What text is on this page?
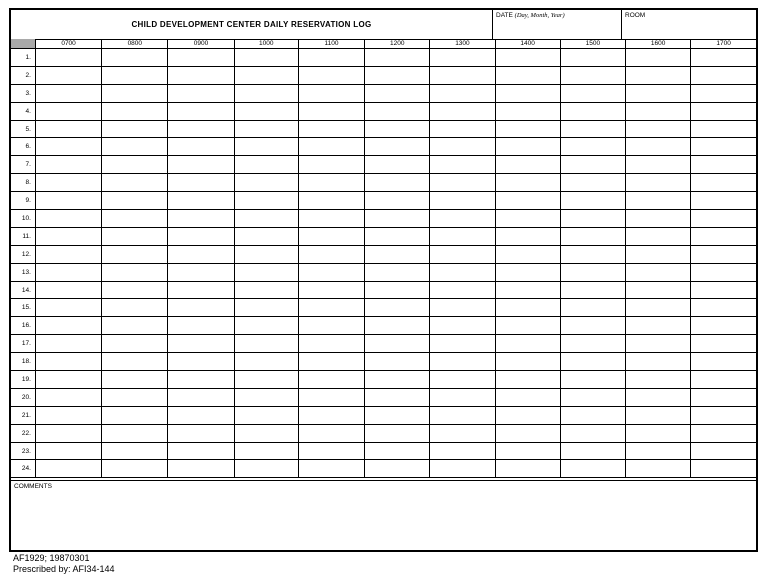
CHILD DEVELOPMENT CENTER DAILY RESERVATION LOG
DATE (Day, Month, Year)	ROOM
	0700	0800	0900	1000	1100	1200	1300	1400	1500	1600	1700
1.											
2.											
3.											
4.											
5.											
6.											
7.											
8.											
9.											
10.											
11.											
12.											
13.											
14.											
15.											
16.											
17.											
18.											
19.											
20.											
21.											
22.											
23.											
24.											
COMMENTS
AF1929; 19870301
Prescribed by: AFI34-144
